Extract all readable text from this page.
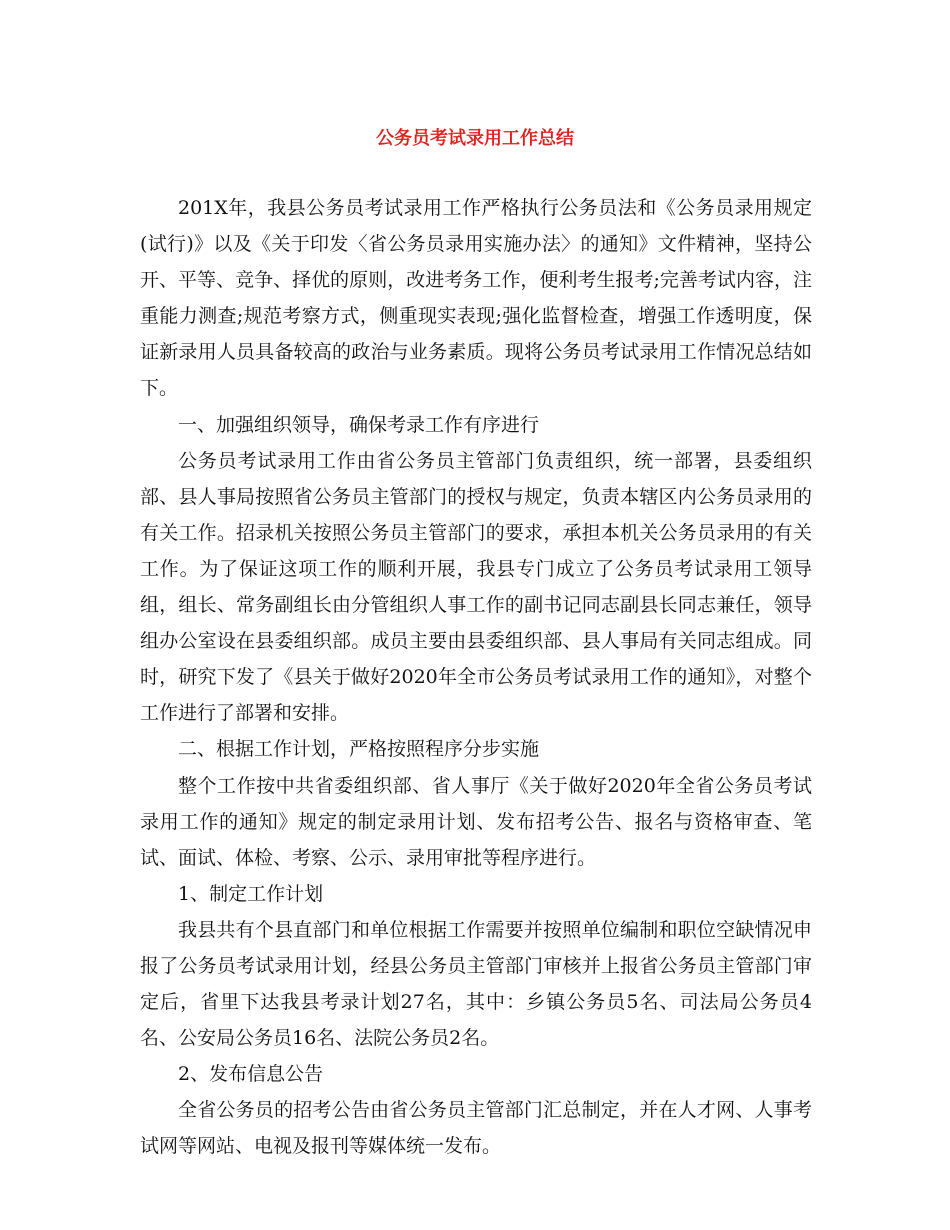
公务员考试录用工作总结

201X年，我县公务员考试录用工作严格执行公务员法和《公务员录用规定(试行)》以及《关于印发〈省公务员录用实施办法〉的通知》文件精神，坚持公开、平等、竞争、择优的原则，改进考务工作，便利考生报考;完善考试内容，注重能力测查;规范考察方式，侧重现实表现;强化监督检查，增强工作透明度，保证新录用人员具备较高的政治与业务素质。现将公务员考试录用工作情况总结如下。

一、加强组织领导，确保考录工作有序进行

公务员考试录用工作由省公务员主管部门负责组织，统一部署，县委组织部、县人事局按照省公务员主管部门的授权与规定，负责本辖区内公务员录用的有关工作。招录机关按照公务员主管部门的要求，承担本机关公务员录用的有关工作。为了保证这项工作的顺利开展，我县专门成立了公务员考试录用工领导组，组长、常务副组长由分管组织人事工作的副书记同志副县长同志兼任，领导组办公室设在县委组织部。成员主要由县委组织部、县人事局有关同志组成。同时，研究下发了《县关于做好2020年全市公务员考试录用工作的通知》，对整个工作进行了部署和安排。

二、根据工作计划，严格按照程序分步实施

整个工作按中共省委组织部、省人事厅《关于做好2020年全省公务员考试录用工作的通知》规定的制定录用计划、发布招考公告、报名与资格审查、笔试、面试、体检、考察、公示、录用审批等程序进行。

1、制定工作计划

我县共有个县直部门和单位根据工作需要并按照单位编制和职位空缺情况申报了公务员考试录用计划，经县公务员主管部门审核并上报省公务员主管部门审定后，省里下达我县考录计划27名，其中：乡镇公务员5名、司法局公务员4名、公安局公务员16名、法院公务员2名。

2、发布信息公告

全省公务员的招考公告由省公务员主管部门汇总制定，并在人才网、人事考试网等网站、电视及报刊等媒体统一发布。
